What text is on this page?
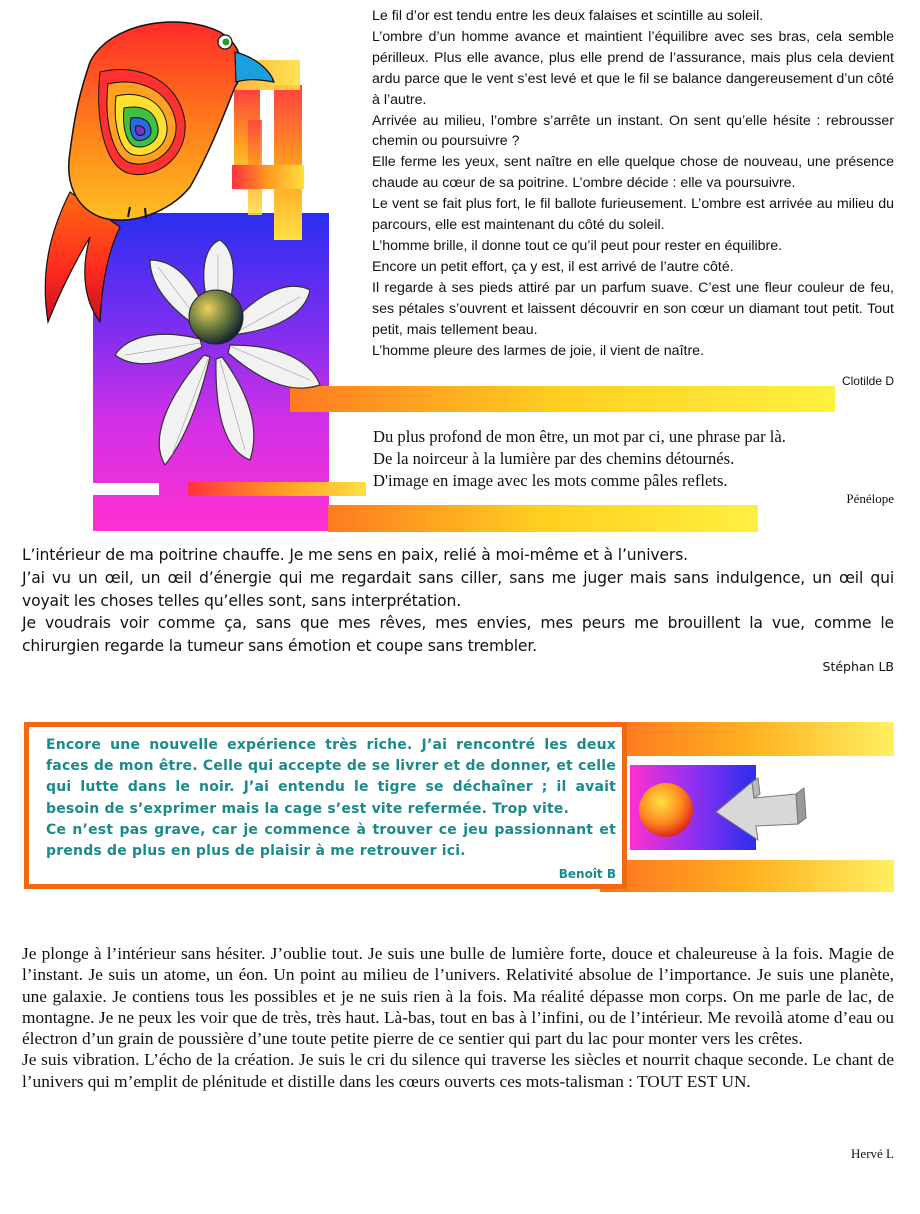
Le fil d’or est tendu entre les deux falaises et scintille au soleil.

L’ombre d’un homme avance et maintient l’équilibre avec ses bras, cela semble périlleux. Plus elle avance, plus elle prend de l’assurance, mais plus cela devient ardu parce que le vent s’est levé et que le fil se balance dangereusement d’un côté à l’autre.

Arrivée au milieu, l’ombre s’arrête un instant. On sent qu’elle hésite : rebrousser chemin ou poursuivre ?

Elle ferme les yeux, sent naître en elle quelque chose de nouveau, une présence chaude au cœur de sa poitrine. L’ombre décide : elle va poursuivre.

Le vent se fait plus fort, le fil ballote furieusement. L’ombre est arrivée au milieu du parcours, elle est maintenant du côté du soleil.

L’homme brille, il donne tout ce qu’il peut pour rester en équilibre.

Encore un petit effort, ça y est, il est arrivé de l’autre côté.

Il regarde à ses pieds attiré par un parfum suave. C’est une fleur couleur de feu, ses pétales s’ouvrent et laissent découvrir en son cœur un diamant tout petit. Tout petit, mais tellement beau.

L’homme pleure des larmes de joie, il vient de naître.

Clotilde D

Du plus profond de mon être, un mot par ci, une phrase par là.

De la noirceur à la lumière par des chemins détournés.

D'image en image avec les mots comme pâles reflets.

Pénélope

L’intérieur de ma poitrine chauffe. Je me sens en paix, relié à moi-même et à l’univers.

J’ai vu un œil, un œil d’énergie qui me regardait sans ciller, sans me juger mais sans indulgence, un œil qui voyait les choses telles qu’elles sont, sans interprétation.

Je voudrais voir comme ça, sans que mes rêves, mes envies, mes peurs me brouillent la vue, comme le chirurgien regarde la tumeur sans émotion et coupe sans trembler.

Stéphan LB

Encore une nouvelle expérience très riche. J’ai rencontré les deux faces de mon être. Celle qui accepte de se livrer et de donner, et celle qui lutte dans le noir. J’ai entendu le tigre se déchaîner ; il avait besoin de s’exprimer mais la cage s’est vite refermée. Trop vite.

Ce n’est pas grave, car je commence à trouver ce jeu passionnant et prends de plus en plus de plaisir à me retrouver ici.

Benoît B

Je plonge à l’intérieur sans hésiter. J’oublie tout. Je suis une bulle de lumière forte, douce et chaleureuse à la fois. Magie de l’instant. Je suis un atome, un éon. Un point au milieu de l’univers. Relativité absolue de l’importance. Je suis une planète, une galaxie. Je contiens tous les possibles et je ne suis rien à la fois. Ma réalité dépasse mon corps. On me parle de lac, de montagne. Je ne peux les voir que de très, très haut. Là-bas, tout en bas à l’infini, ou de l’intérieur. Me revoilà atome d’eau ou électron d’un grain de poussière d’une toute petite pierre de ce sentier qui part du lac pour monter vers les crêtes.

Je suis vibration. L’écho de la création. Je suis le cri du silence qui traverse les siècles et nourrit chaque seconde. Le chant de l’univers qui m’emplit de plénitude et distille dans les cœurs ouverts ces mots-talisman : TOUT EST UN.

Hervé L
